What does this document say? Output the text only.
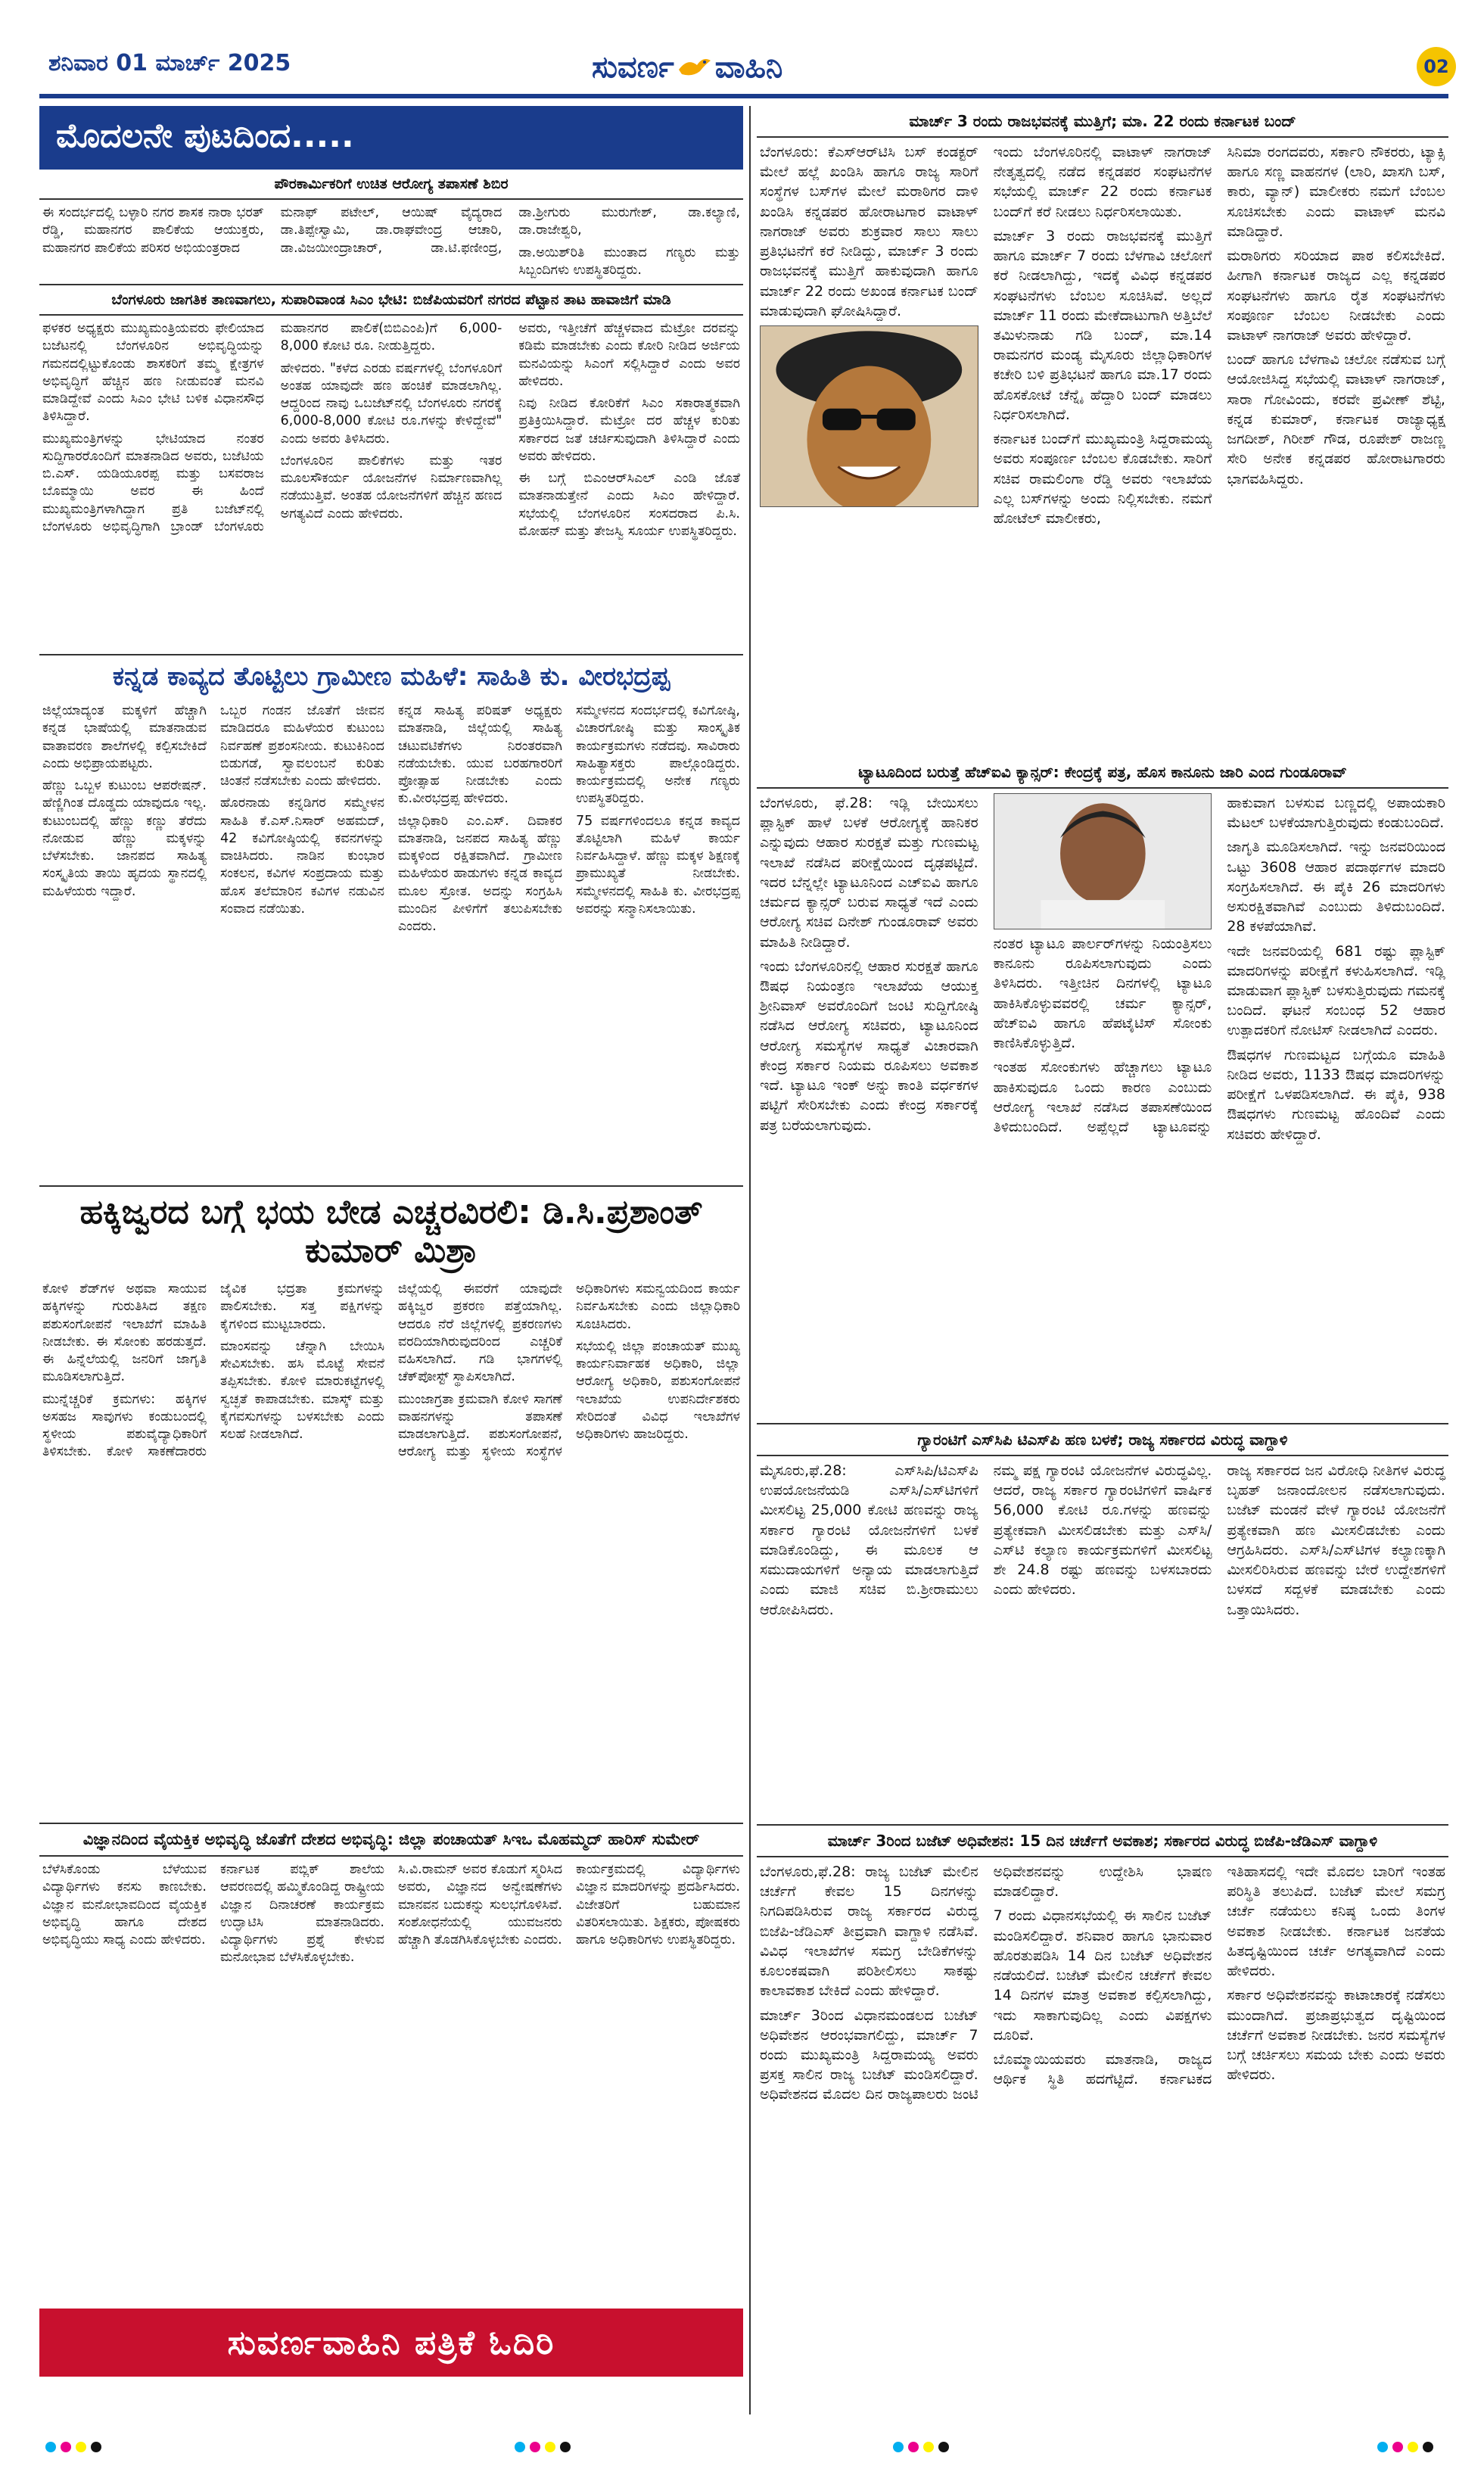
ಶನಿವಾರ 01 ಮಾರ್ಚ್ 2025	ಸುವರ್ಣ ವಾಹಿನಿ	02
ಮೊದಲನೇ ಪುಟದಿಂದ.....
ಪೌರಕಾರ್ಮಿಕರಿಗೆ ಉಚಿತ ಆರೋಗ್ಯ ತಪಾಸಣೆ ಶಿಬಿರ

ಈ ಸಂದರ್ಭದಲ್ಲಿ ಬಳ್ಳಾರಿ ನಗರ ಶಾಸಕ ನಾರಾ ಭರತ್ ರೆಡ್ಡಿ, ಮಹಾನಗರ ಪಾಲಿಕೆಯ ಆಯುಕ್ತರು, ಮಹಾನಗರ ಪಾಲಿಕೆಯ ಪರಿಸರ ಅಭಿಯಂತ್ರರಾದ

ಮನಾಫ್ ಪಟೇಲ್, ಆಯಿಷ್ ವೈದ್ಯರಾದ ಡಾ.ತಿಪ್ಪೇಸ್ವಾಮಿ, ಡಾ.ರಾಘವೇಂದ್ರ ಆಚಾರಿ, ಡಾ.ವಿಜಯೀಂದ್ರಾಚಾರ್, ಡಾ.ಟಿ.ಫಣೀಂದ್ರ, ಡಾ.ಶ್ರೀಗುರು ಮುರುಗೇಶ್, ಡಾ.ಕಲ್ಯಾಣಿ, ಡಾ.ರಾಜೇಶ್ವರಿ,

ಡಾ.ಅಯಿಶ್‌ರಿತಿ ಮುಂತಾದ ಗಣ್ಯರು ಮತ್ತು ಸಿಬ್ಬಂದಿಗಳು ಉಪಸ್ಥಿತರಿದ್ದರು.

ಬೆಂಗಳೂರು ಜಾಗತಿಕ ತಾಣವಾಗಲು, ಸುಪಾರಿವಾಂಡ ಸಿಎಂ ಭೇಟಿ: ಬಿಜೆಪಿಯವರಿಗೆ ನಗರದ ಪೆಟ್ಟಾನ ತಾಟ ಹಾವಾಜಿಗೆ ಮಾಡಿ

ಫಳಕರ ಅಧ್ಯಕ್ಷರು ಮುಖ್ಯಮಂತ್ರಿಯವರು ಫೇಲಿಯಾದ ಬಜೆಟನಲ್ಲಿ ಬೆಂಗಳೂರಿನ ಅಭಿವೃದ್ಧಿಯನ್ನು ಗಮನದಲ್ಲಿಟ್ಟುಕೊಂಡು ಶಾಸಕರಿಗೆ ತಮ್ಮ ಕ್ಷೇತ್ರಗಳ ಅಭಿವೃದ್ಧಿಗೆ ಹೆಚ್ಚಿನ ಹಣ ನೀಡುವಂತೆ ಮನವಿ ಮಾಡಿದ್ದೇವೆ ಎಂದು ಸಿಎಂ ಭೇಟಿ ಬಳಿಕ ವಿಧಾನಸೌಧ ತಿಳಿಸಿದ್ದಾರೆ.

ಮುಖ್ಯಮಂತ್ರಿಗಳನ್ನು ಭೇಟಿಯಾದ ನಂತರ ಸುದ್ದಿಗಾರರೊಂದಿಗೆ ಮಾತನಾಡಿದ ಅವರು, ಬಜೆಟಿಯ ಬಿ.ಎಸ್. ಯಡಿಯೂರಪ್ಪ ಮತ್ತು ಬಸವರಾಜ ಬೊಮ್ಮಾಯಿ ಅವರ ಈ ಹಿಂದೆ ಮುಖ್ಯಮಂತ್ರಿಗಳಾಗಿದ್ದಾಗ ಪ್ರತಿ ಬಜೆಟ್‌ನಲ್ಲಿ ಬೆಂಗಳೂರು ಅಭಿವೃದ್ಧಿಗಾಗಿ ಬ್ರಾಂಡ್ ಬೆಂಗಳೂರು ಮಹಾನಗರ ಪಾಲಿಕೆ(ಬಿಬಿಎಂಪಿ)ಗೆ 6,000-8,000 ಕೋಟಿ ರೂ. ನೀಡುತ್ತಿದ್ದರು.

ಹೇಳಿದರು. "ಕಳೆದ ಎರಡು ವರ್ಷಗಳಲ್ಲಿ ಬೆಂಗಳೂರಿಗೆ ಅಂತಹ ಯಾವುದೇ ಹಣ ಹಂಚಿಕೆ ಮಾಡಲಾಗಿಲ್ಲ. ಆದ್ದರಿಂದ ನಾವು ಒಬಜೆಟ್‌ನಲ್ಲಿ ಬೆಂಗಳೂರು ನಗರಕ್ಕೆ 6,000-8,000 ಕೋಟಿ ರೂ.ಗಳನ್ನು ಕೇಳಿದ್ದೇವೆ" ಎಂದು ಅವರು ತಿಳಿಸಿದರು.

ಬೆಂಗಳೂರಿನ ಪಾಲಿಕೆಗಳು ಮತ್ತು ಇತರ ಮೂಲಸೌಕರ್ಯ ಯೋಜನೆಗಳ ನಿರ್ಮಾಣವಾಗಿಲ್ಲ ನಡೆಯುತ್ತಿವೆ. ಅಂತಹ ಯೋಜನೆಗಳಿಗೆ ಹೆಚ್ಚಿನ ಹಣದ ಅಗತ್ಯವಿದೆ ಎಂದು ಹೇಳಿದರು.

ಅವರು, ಇತ್ತೀಚೆಗೆ ಹೆಚ್ಚಳವಾದ ಮೆಟ್ರೋ ದರವನ್ನು ಕಡಿಮೆ ಮಾಡಬೇಕು ಎಂದು ಕೋರಿ ನೀಡಿದ ಅರ್ಜಿಯ ಮನವಿಯನ್ನು ಸಿಎಂಗೆ ಸಲ್ಲಿಸಿದ್ದಾರೆ ಎಂದು ಅವರ ಹೇಳಿದರು.

ನಿವು ನೀಡಿದ ಕೋರಿಕೆಗೆ ಸಿಎಂ ಸಕಾರಾತ್ಮಕವಾಗಿ ಪ್ರತಿಕ್ರಿಯಿಸಿದ್ದಾರೆ. ಮೆಟ್ರೋ ದರ ಹೆಚ್ಚಳ ಕುರಿತು ಸರ್ಕಾರದ ಜತೆ ಚರ್ಚಿಸುವುದಾಗಿ ತಿಳಿಸಿದ್ದಾರೆ ಎಂದು ಅವರು ಹೇಳಿದರು.

ಈ ಬಗ್ಗೆ ಬಿಎಂಆರ್‌ಸಿಎಲ್ ಎಂಡಿ ಜೊತೆ ಮಾತನಾಡುತ್ತೇನೆ ಎಂದು ಸಿಎಂ ಹೇಳಿದ್ದಾರೆ. ಸಭೆಯಲ್ಲಿ ಬೆಂಗಳೂರಿನ ಸಂಸದರಾದ ಪಿ.ಸಿ. ಮೋಹನ್ ಮತ್ತು ತೇಜಸ್ವಿ ಸೂರ್ಯ ಉಪಸ್ಥಿತರಿದ್ದರು.

ಕನ್ನಡ ಕಾವ್ಯದ ತೊಟ್ಟಿಲು ಗ್ರಾಮೀಣ ಮಹಿಳೆ: ಸಾಹಿತಿ ಕು. ವೀರಭದ್ರಪ್ಪ

ಜಿಲ್ಲೆಯಾದ್ಯಂತ ಮಕ್ಕಳಿಗೆ ಹೆಚ್ಚಾಗಿ ಕನ್ನಡ ಭಾಷೆಯಲ್ಲಿ ಮಾತನಾಡುವ ವಾತಾವರಣ ಶಾಲೆಗಳಲ್ಲಿ ಕಲ್ಪಿಸಬೇಕಿದೆ ಎಂದು ಅಭಿಪ್ರಾಯಪಟ್ಟರು.

ಹೆಣ್ಣು ಒಬ್ಬಳ ಕುಟುಂಬ ಆಪರೇಷನ್. ಹೆಣ್ಣಿಗಿಂತ ದೊಡ್ಡದು ಯಾವುದೂ ಇಲ್ಲ. ಕುಟುಂಬದಲ್ಲಿ ಹೆಣ್ಣು ಕಣ್ಣು ತೆರೆದು ನೋಡುವ ಹೆಣ್ಣು ಮಕ್ಕಳನ್ನು ಬೆಳೆಸಬೇಕು. ಜಾನಪದ ಸಾಹಿತ್ಯ ಸಂಸ್ಕೃತಿಯ ತಾಯಿ ಹೃದಯ ಸ್ಥಾನದಲ್ಲಿ ಮಹಿಳೆಯರು ಇದ್ದಾರೆ.

ಒಬ್ಬರ ಗಂಡನ ಜೊತೆಗೆ ಜೀವನ ಮಾಡಿದರೂ ಮಹಿಳೆಯರ ಕುಟುಂಬ ನಿರ್ವಹಣೆ ಪ್ರಶಂಸನೀಯ. ಕುಟುಕಿನಿಂದ ಬಿಡುಗಡೆ, ಸ್ವಾವಲಂಬನೆ ಕುರಿತು ಚಿಂತನೆ ನಡೆಸಬೇಕು ಎಂದು ಹೇಳಿದರು.

ಹೊರನಾಡು ಕನ್ನಡಿಗರ ಸಮ್ಮೇಳನ ಸಾಹಿತಿ ಕೆ.ಎಸ್.ನಿಸಾರ್ ಅಹಮದ್, 42 ಕವಿಗೋಷ್ಠಿಯಲ್ಲಿ ಕವನಗಳನ್ನು ವಾಚಿಸಿದರು. ನಾಡಿನ ಕುಂಭಾರ ಸಂಕಲನ, ಕವಿಗಳ ಸಂಪ್ರದಾಯ ಮತ್ತು ಹೊಸ ತಲೆಮಾರಿನ ಕವಿಗಳ ನಡುವಿನ ಸಂವಾದ ನಡೆಯಿತು.

ಕನ್ನಡ ಸಾಹಿತ್ಯ ಪರಿಷತ್ ಅಧ್ಯಕ್ಷರು ಮಾತನಾಡಿ, ಜಿಲ್ಲೆಯಲ್ಲಿ ಸಾಹಿತ್ಯ ಚಟುವಟಿಕೆಗಳು ನಿರಂತರವಾಗಿ ನಡೆಯಬೇಕು. ಯುವ ಬರಹಗಾರರಿಗೆ ಪ್ರೋತ್ಸಾಹ ನೀಡಬೇಕು ಎಂದು ಕು.ವೀರಭದ್ರಪ್ಪ ಹೇಳಿದರು.

ಜಿಲ್ಲಾಧಿಕಾರಿ ಎಂ.ಎಸ್. ದಿವಾಕರ ಮಾತನಾಡಿ, ಜನಪದ ಸಾಹಿತ್ಯ ಹೆಣ್ಣು ಮಕ್ಕಳಿಂದ ರಕ್ಷಿತವಾಗಿದೆ. ಗ್ರಾಮೀಣ ಮಹಿಳೆಯರ ಹಾಡುಗಳು ಕನ್ನಡ ಕಾವ್ಯದ ಮೂಲ ಸ್ರೋತ. ಅದನ್ನು ಸಂಗ್ರಹಿಸಿ ಮುಂದಿನ ಪೀಳಿಗೆಗೆ ತಲುಪಿಸಬೇಕು ಎಂದರು.

ಸಮ್ಮೇಳನದ ಸಂದರ್ಭದಲ್ಲಿ ಕವಿಗೋಷ್ಠಿ, ವಿಚಾರಗೋಷ್ಠಿ ಮತ್ತು ಸಾಂಸ್ಕೃತಿಕ ಕಾರ್ಯಕ್ರಮಗಳು ನಡೆದವು. ಸಾವಿರಾರು ಸಾಹಿತ್ಯಾಸಕ್ತರು ಪಾಲ್ಗೊಂಡಿದ್ದರು. ಕಾರ್ಯಕ್ರಮದಲ್ಲಿ ಅನೇಕ ಗಣ್ಯರು ಉಪಸ್ಥಿತರಿದ್ದರು.

75 ವರ್ಷಗಳಿಂದಲೂ ಕನ್ನಡ ಕಾವ್ಯದ ತೊಟ್ಟಿಲಾಗಿ ಮಹಿಳೆ ಕಾರ್ಯ ನಿರ್ವಹಿಸಿದ್ದಾಳೆ. ಹೆಣ್ಣು ಮಕ್ಕಳ ಶಿಕ್ಷಣಕ್ಕೆ ಪ್ರಾಮುಖ್ಯತೆ ನೀಡಬೇಕು. ಸಮ್ಮೇಳನದಲ್ಲಿ ಸಾಹಿತಿ ಕು. ವೀರಭದ್ರಪ್ಪ ಅವರನ್ನು ಸನ್ಮಾನಿಸಲಾಯಿತು.

ಹಕ್ಕಿಜ್ವರದ ಬಗ್ಗೆ ಭಯ ಬೇಡ ಎಚ್ಚರವಿರಲಿ: ಡಿ.ಸಿ.ಪ್ರಶಾಂತ್ ಕುಮಾರ್ ಮಿಶ್ರಾ

ಕೋಳಿ ಶೆಡ್‌ಗಳ ಅಥವಾ ಸಾಯುವ ಹಕ್ಕಿಗಳನ್ನು ಗುರುತಿಸಿದ ತಕ್ಷಣ ಪಶುಸಂಗೋಪನೆ ಇಲಾಖೆಗೆ ಮಾಹಿತಿ ನೀಡಬೇಕು. ಈ ಸೋಂಕು ಹರಡುತ್ತದೆ. ಈ ಹಿನ್ನೆಲೆಯಲ್ಲಿ ಜನರಿಗೆ ಜಾಗೃತಿ ಮೂಡಿಸಲಾಗುತ್ತಿದೆ.

ಮುನ್ನೆಚ್ಚರಿಕೆ ಕ್ರಮಗಳು: ಹಕ್ಕಿಗಳ ಅಸಹಜ ಸಾವುಗಳು ಕಂಡುಬಂದಲ್ಲಿ ಸ್ಥಳೀಯ ಪಶುವೈದ್ಯಾಧಿಕಾರಿಗೆ ತಿಳಿಸಬೇಕು. ಕೋಳಿ ಸಾಕಣೆದಾರರು ಜೈವಿಕ ಭದ್ರತಾ ಕ್ರಮಗಳನ್ನು ಪಾಲಿಸಬೇಕು. ಸತ್ತ ಪಕ್ಷಿಗಳನ್ನು ಕೈಗಳಿಂದ ಮುಟ್ಟಬಾರದು.

ಮಾಂಸವನ್ನು ಚೆನ್ನಾಗಿ ಬೇಯಿಸಿ ಸೇವಿಸಬೇಕು. ಹಸಿ ಮೊಟ್ಟೆ ಸೇವನೆ ತಪ್ಪಿಸಬೇಕು. ಕೋಳಿ ಮಾರುಕಟ್ಟೆಗಳಲ್ಲಿ ಸ್ವಚ್ಛತೆ ಕಾಪಾಡಬೇಕು. ಮಾಸ್ಕ್ ಮತ್ತು ಕೈಗವಸುಗಳನ್ನು ಬಳಸಬೇಕು ಎಂದು ಸಲಹೆ ನೀಡಲಾಗಿದೆ.

ಜಿಲ್ಲೆಯಲ್ಲಿ ಈವರೆಗೆ ಯಾವುದೇ ಹಕ್ಕಿಜ್ವರ ಪ್ರಕರಣ ಪತ್ತೆಯಾಗಿಲ್ಲ. ಆದರೂ ನೆರೆ ಜಿಲ್ಲೆಗಳಲ್ಲಿ ಪ್ರಕರಣಗಳು ವರದಿಯಾಗಿರುವುದರಿಂದ ಎಚ್ಚರಿಕೆ ವಹಿಸಲಾಗಿದೆ. ಗಡಿ ಭಾಗಗಳಲ್ಲಿ ಚೆಕ್‌ಪೋಸ್ಟ್ ಸ್ಥಾಪಿಸಲಾಗಿದೆ.

ಮುಂಜಾಗ್ರತಾ ಕ್ರಮವಾಗಿ ಕೋಳಿ ಸಾಗಣೆ ವಾಹನಗಳನ್ನು ತಪಾಸಣೆ ಮಾಡಲಾಗುತ್ತಿದೆ. ಪಶುಸಂಗೋಪನೆ, ಆರೋಗ್ಯ ಮತ್ತು ಸ್ಥಳೀಯ ಸಂಸ್ಥೆಗಳ ಅಧಿಕಾರಿಗಳು ಸಮನ್ವಯದಿಂದ ಕಾರ್ಯ ನಿರ್ವಹಿಸಬೇಕು ಎಂದು ಜಿಲ್ಲಾಧಿಕಾರಿ ಸೂಚಿಸಿದರು.

ಸಭೆಯಲ್ಲಿ ಜಿಲ್ಲಾ ಪಂಚಾಯತ್ ಮುಖ್ಯ ಕಾರ್ಯನಿರ್ವಾಹಕ ಅಧಿಕಾರಿ, ಜಿಲ್ಲಾ ಆರೋಗ್ಯ ಅಧಿಕಾರಿ, ಪಶುಸಂಗೋಪನೆ ಇಲಾಖೆಯ ಉಪನಿರ್ದೇಶಕರು ಸೇರಿದಂತೆ ವಿವಿಧ ಇಲಾಖೆಗಳ ಅಧಿಕಾರಿಗಳು ಹಾಜರಿದ್ದರು.

ವಿಜ್ಞಾನದಿಂದ ವೈಯಕ್ತಿಕ ಅಭಿವೃದ್ಧಿ ಜೊತೆಗೆ ದೇಶದ ಅಭಿವೃದ್ಧಿ: ಜಿಲ್ಲಾ ಪಂಚಾಯತ್ ಸಿಇಒ ಮೊಹಮ್ಮದ್ ಹಾರಿಸ್ ಸುಮೇರ್

ಬೆಳೆಸಿಕೊಂಡು ಬೆಳೆಯುವ ವಿದ್ಯಾರ್ಥಿಗಳು ಕನಸು ಕಾಣಬೇಕು. ವಿಜ್ಞಾನ ಮನೋಭಾವದಿಂದ ವೈಯಕ್ತಿಕ ಅಭಿವೃದ್ಧಿ ಹಾಗೂ ದೇಶದ ಅಭಿವೃದ್ಧಿಯು ಸಾಧ್ಯ ಎಂದು ಹೇಳಿದರು.

ಕರ್ನಾಟಕ ಪಬ್ಲಿಕ್ ಶಾಲೆಯ ಆವರಣದಲ್ಲಿ ಹಮ್ಮಿಕೊಂಡಿದ್ದ ರಾಷ್ಟ್ರೀಯ ವಿಜ್ಞಾನ ದಿನಾಚರಣೆ ಕಾರ್ಯಕ್ರಮ ಉದ್ಘಾಟಿಸಿ ಮಾತನಾಡಿದರು. ವಿದ್ಯಾರ್ಥಿಗಳು ಪ್ರಶ್ನೆ ಕೇಳುವ ಮನೋಭಾವ ಬೆಳೆಸಿಕೊಳ್ಳಬೇಕು.

ಸಿ.ವಿ.ರಾಮನ್ ಅವರ ಕೊಡುಗೆ ಸ್ಮರಿಸಿದ ಅವರು, ವಿಜ್ಞಾನದ ಅನ್ವೇಷಣೆಗಳು ಮಾನವನ ಬದುಕನ್ನು ಸುಲಭಗೊಳಿಸಿವೆ. ಸಂಶೋಧನೆಯಲ್ಲಿ ಯುವಜನರು ಹೆಚ್ಚಾಗಿ ತೊಡಗಿಸಿಕೊಳ್ಳಬೇಕು ಎಂದರು.

ಕಾರ್ಯಕ್ರಮದಲ್ಲಿ ವಿದ್ಯಾರ್ಥಿಗಳು ವಿಜ್ಞಾನ ಮಾದರಿಗಳನ್ನು ಪ್ರದರ್ಶಿಸಿದರು. ವಿಜೇತರಿಗೆ ಬಹುಮಾನ ವಿತರಿಸಲಾಯಿತು. ಶಿಕ್ಷಕರು, ಪೋಷಕರು ಹಾಗೂ ಅಧಿಕಾರಿಗಳು ಉಪಸ್ಥಿತರಿದ್ದರು.

ಸುವರ್ಣವಾಹಿನಿ ಪತ್ರಿಕೆ ಓದಿರಿ
ಮಾರ್ಚ್ 3 ರಂದು ರಾಜಭವನಕ್ಕೆ ಮುತ್ತಿಗೆ; ಮಾ. 22 ರಂದು ಕರ್ನಾಟಕ ಬಂದ್

ಬೆಂಗಳೂರು: ಕೆಎಸ್‌ಆರ್‌ಟಿಸಿ ಬಸ್ ಕಂಡಕ್ಟರ್ ಮೇಲೆ ಹಲ್ಲೆ ಖಂಡಿಸಿ ಹಾಗೂ ರಾಜ್ಯ ಸಾರಿಗೆ ಸಂಸ್ಥೆಗಳ ಬಸ್‌ಗಳ ಮೇಲೆ ಮರಾಠಿಗರ ದಾಳಿ ಖಂಡಿಸಿ ಕನ್ನಡಪರ ಹೋರಾಟಗಾರ ವಾಟಾಳ್ ನಾಗರಾಜ್ ಅವರು ಶುಕ್ರವಾರ ಸಾಲು ಸಾಲು ಪ್ರತಿಭಟನೆಗೆ ಕರೆ ನೀಡಿದ್ದು, ಮಾರ್ಚ್ 3 ರಂದು ರಾಜಭವನಕ್ಕೆ ಮುತ್ತಿಗೆ ಹಾಕುವುದಾಗಿ ಹಾಗೂ ಮಾರ್ಚ್ 22 ರಂದು ಅಖಂಡ ಕರ್ನಾಟಕ ಬಂದ್ ಮಾಡುವುದಾಗಿ ಘೋಷಿಸಿದ್ದಾರೆ.

ಇಂದು ಬೆಂಗಳೂರಿನಲ್ಲಿ ವಾಟಾಳ್ ನಾಗರಾಜ್ ನೇತೃತ್ವದಲ್ಲಿ ನಡೆದ ಕನ್ನಡಪರ ಸಂಘಟನೆಗಳ ಸಭೆಯಲ್ಲಿ ಮಾರ್ಚ್ 22 ರಂದು ಕರ್ನಾಟಕ ಬಂದ್‌ಗೆ ಕರೆ ನೀಡಲು ನಿರ್ಧರಿಸಲಾಯಿತು.

ಮಾರ್ಚ್ 3 ರಂದು ರಾಜಭವನಕ್ಕೆ ಮುತ್ತಿಗೆ ಹಾಗೂ ಮಾರ್ಚ್ 7 ರಂದು ಬೆಳಗಾವಿ ಚಲೋಗೆ ಕರೆ ನೀಡಲಾಗಿದ್ದು, ಇದಕ್ಕೆ ವಿವಿಧ ಕನ್ನಡಪರ ಸಂಘಟನೆಗಳು ಬೆಂಬಲ ಸೂಚಿಸಿವೆ. ಅಲ್ಲದೆ ಮಾರ್ಚ್ 11 ರಂದು ಮೇಕೆದಾಟುಗಾಗಿ ಅತ್ತಿಬೆಲೆ ತಮಿಳುನಾಡು ಗಡಿ ಬಂದ್, ಮಾ.14 ರಾಮನಗರ ಮಂಡ್ಯ ಮೈಸೂರು ಜಿಲ್ಲಾಧಿಕಾರಿಗಳ ಕಚೇರಿ ಬಳಿ ಪ್ರತಿಭಟನೆ ಹಾಗೂ ಮಾ.17 ರಂದು ಹೊಸಕೋಟೆ ಚೆನ್ನೈ ಹೆದ್ದಾರಿ ಬಂದ್ ಮಾಡಲು ನಿರ್ಧರಿಸಲಾಗಿದೆ.

ಕರ್ನಾಟಕ ಬಂದ್‌ಗೆ ಮುಖ್ಯಮಂತ್ರಿ ಸಿದ್ದರಾಮಯ್ಯ ಅವರು ಸಂಪೂರ್ಣ ಬೆಂಬಲ ಕೊಡಬೇಕು. ಸಾರಿಗೆ ಸಚಿವ ರಾಮಲಿಂಗಾ ರೆಡ್ಡಿ ಅವರು ಇಲಾಖೆಯ ಎಲ್ಲ ಬಸ್‌ಗಳನ್ನು ಅಂದು ನಿಲ್ಲಿಸಬೇಕು. ನಮಗೆ ಹೋಟೆಲ್ ಮಾಲೀಕರು,

ಸಿನಿಮಾ ರಂಗದವರು, ಸರ್ಕಾರಿ ನೌಕರರು, ಟ್ಯಾಕ್ಸಿ ಹಾಗೂ ಸಣ್ಣ ವಾಹನಗಳ (ಲಾರಿ, ಖಾಸಗಿ ಬಸ್, ಕಾರು, ವ್ಯಾನ್) ಮಾಲೀಕರು ನಮಗೆ ಬೆಂಬಲ ಸೂಚಿಸಬೇಕು ಎಂದು ವಾಟಾಳ್ ಮನವಿ ಮಾಡಿದ್ದಾರೆ.

ಮರಾಠಿಗರು ಸರಿಯಾದ ಪಾಠ ಕಲಿಸಬೇಕಿದೆ. ಹೀಗಾಗಿ ಕರ್ನಾಟಕ ರಾಜ್ಯದ ಎಲ್ಲ ಕನ್ನಡಪರ ಸಂಘಟನೆಗಳು ಹಾಗೂ ರೈತ ಸಂಘಟನೆಗಳು ಸಂಪೂರ್ಣ ಬೆಂಬಲ ನೀಡಬೇಕು ಎಂದು ವಾಟಾಳ್ ನಾಗರಾಜ್ ಅವರು ಹೇಳಿದ್ದಾರೆ.

ಬಂದ್ ಹಾಗೂ ಬೆಳಗಾವಿ ಚಲೋ ನಡೆಸುವ ಬಗ್ಗೆ ಆಯೋಜಿಸಿದ್ದ ಸಭೆಯಲ್ಲಿ ವಾಟಾಳ್ ನಾಗರಾಜ್, ಸಾರಾ ಗೋವಿಂದು, ಕರವೇ ಪ್ರವೀಣ್ ಶೆಟ್ಟಿ, ಕನ್ನಡ ಕುಮಾರ್, ಕರ್ನಾಟಕ ರಾಜ್ಯಾಧ್ಯಕ್ಷ ಜಗದೀಶ್, ಗಿರೀಶ್ ಗೌಡ, ರೂಪೇಶ್ ರಾಜಣ್ಣ ಸೇರಿ ಅನೇಕ ಕನ್ನಡಪರ ಹೋರಾಟಗಾರರು ಭಾಗವಹಿಸಿದ್ದರು.

ಟ್ಯಾಟೂದಿಂದ ಬರುತ್ತೆ ಹೆಚ್‌ಐವಿ ಕ್ಯಾನ್ಸರ್: ಕೇಂದ್ರಕ್ಕೆ ಪತ್ರ, ಹೊಸ ಕಾನೂನು ಜಾರಿ ಎಂದ ಗುಂಡೂರಾವ್

ಬೆಂಗಳೂರು, ಫೆ.28: ಇಡ್ಲಿ ಬೇಯಿಸಲು ಪ್ಲಾಸ್ಟಿಕ್ ಹಾಳೆ ಬಳಕೆ ಆರೋಗ್ಯಕ್ಕೆ ಹಾನಿಕರ ಎನ್ನುವುದು ಆಹಾರ ಸುರಕ್ಷತೆ ಮತ್ತು ಗುಣಮಟ್ಟ ಇಲಾಖೆ ನಡೆಸಿದ ಪರೀಕ್ಷೆಯಿಂದ ದೃಢಪಟ್ಟಿದೆ. ಇದರ ಬೆನ್ನಲ್ಲೇ ಟ್ಯಾಟೂನಿಂದ ಎಚ್‌ಐವಿ ಹಾಗೂ ಚರ್ಮದ ಕ್ಯಾನ್ಸರ್ ಬರುವ ಸಾಧ್ಯತೆ ಇದೆ ಎಂದು ಆರೋಗ್ಯ ಸಚಿವ ದಿನೇಶ್ ಗುಂಡೂರಾವ್ ಅವರು ಮಾಹಿತಿ ನೀಡಿದ್ದಾರೆ.

ಇಂದು ಬೆಂಗಳೂರಿನಲ್ಲಿ ಆಹಾರ ಸುರಕ್ಷತೆ ಹಾಗೂ ಔಷಧ ನಿಯಂತ್ರಣ ಇಲಾಖೆಯ ಆಯುಕ್ತ ಶ್ರೀನಿವಾಸ್ ಅವರೊಂದಿಗೆ ಜಂಟಿ ಸುದ್ದಿಗೋಷ್ಠಿ ನಡೆಸಿದ ಆರೋಗ್ಯ ಸಚಿವರು, ಟ್ಯಾಟೂನಿಂದ ಆರೋಗ್ಯ ಸಮಸ್ಯೆಗಳ ಸಾಧ್ಯತೆ ವಿಚಾರವಾಗಿ ಕೇಂದ್ರ ಸರ್ಕಾರ ನಿಯಮ ರೂಪಿಸಲು ಅವಕಾಶ ಇದೆ. ಟ್ಯಾಟೂ ಇಂಕ್ ಅನ್ನು ಕಾಂತಿ ವರ್ಧಕಗಳ ಪಟ್ಟಿಗೆ ಸೇರಿಸಬೇಕು ಎಂದು ಕೇಂದ್ರ ಸರ್ಕಾರಕ್ಕೆ ಪತ್ರ ಬರೆಯಲಾಗುವುದು.

ನಂತರ ಟ್ಯಾಟೂ ಪಾರ್ಲರ್‌ಗಳನ್ನು ನಿಯಂತ್ರಿಸಲು ಕಾನೂನು ರೂಪಿಸಲಾಗುವುದು ಎಂದು ತಿಳಿಸಿದರು. ಇತ್ತೀಚಿನ ದಿನಗಳಲ್ಲಿ ಟ್ಯಾಟೂ ಹಾಕಿಸಿಕೊಳ್ಳುವವರಲ್ಲಿ ಚರ್ಮ ಕ್ಯಾನ್ಸರ್, ಹೆಚ್‌ಐವಿ ಹಾಗೂ ಹೆಪಟೈಟಿಸ್ ಸೋಂಕು ಕಾಣಿಸಿಕೊಳ್ಳುತ್ತಿದೆ.

ಇಂತಹ ಸೋಂಕುಗಳು ಹೆಚ್ಚಾಗಲು ಟ್ಯಾಟೂ ಹಾಕಿಸುವುದೂ ಒಂದು ಕಾರಣ ಎಂಬುದು ಆರೋಗ್ಯ ಇಲಾಖೆ ನಡೆಸಿದ ತಪಾಸಣೆಯಿಂದ ತಿಳಿದುಬಂದಿದೆ. ಅಪ್ಪೆಲ್ಲದೆ ಟ್ಯಾಟೂವನ್ನು ಹಾಕುವಾಗ ಬಳಸುವ ಬಣ್ಣದಲ್ಲಿ ಅಪಾಯಕಾರಿ ಮೆಟಲ್ ಬಳಕೆಯಾಗುತ್ತಿರುವುದು ಕಂಡುಬಂದಿದೆ.

ಜಾಗೃತಿ ಮೂಡಿಸಲಾಗಿದೆ. ಇನ್ನು ಜನವರಿಯಿಂದ ಒಟ್ಟು 3608 ಆಹಾರ ಪದಾರ್ಥಗಳ ಮಾದರಿ ಸಂಗ್ರಹಿಸಲಾಗಿದೆ. ಈ ಪೈಕಿ 26 ಮಾದರಿಗಳು ಅಸುರಕ್ಷಿತವಾಗಿವೆ ಎಂಬುದು ತಿಳಿದುಬಂದಿದೆ. 28 ಕಳಪೆಯಾಗಿವೆ.

ಇದೇ ಜನವರಿಯಲ್ಲಿ 681 ರಷ್ಟು ಪ್ಲಾಸ್ಟಿಕ್ ಮಾದರಿಗಳನ್ನು ಪರೀಕ್ಷೆಗೆ ಕಳುಹಿಸಲಾಗಿದೆ. ಇಡ್ಲಿ ಮಾಡುವಾಗ ಪ್ಲಾಸ್ಟಿಕ್ ಬಳಸುತ್ತಿರುವುದು ಗಮನಕ್ಕೆ ಬಂದಿದೆ. ಘಟನೆ ಸಂಬಂಧ 52 ಆಹಾರ ಉತ್ಪಾದಕರಿಗೆ ನೋಟಿಸ್ ನೀಡಲಾಗಿದೆ ಎಂದರು.

ಔಷಧಗಳ ಗುಣಮಟ್ಟದ ಬಗ್ಗೆಯೂ ಮಾಹಿತಿ ನೀಡಿದ ಅವರು, 1133 ಔಷಧ ಮಾದರಿಗಳನ್ನು ಪರೀಕ್ಷೆಗೆ ಒಳಪಡಿಸಲಾಗಿದೆ. ಈ ಪೈಕಿ, 938 ಔಷಧಗಳು ಗುಣಮಟ್ಟ ಹೊಂದಿವೆ ಎಂದು ಸಚಿವರು ಹೇಳಿದ್ದಾರೆ.

ಗ್ಯಾರಂಟಿಗೆ ಎಸ್‌ಸಿಪಿ ಟಿಎಸ್‌ಪಿ ಹಣ ಬಳಕೆ; ರಾಜ್ಯ ಸರ್ಕಾರದ ವಿರುದ್ಧ ವಾಗ್ದಾಳಿ

ಮೈಸೂರು,ಫೆ.28: ಎಸ್‌ಸಿಪಿ/ಟಿಎಸ್‌ಪಿ ಉಪಯೋಜನೆಯಡಿ ಎಸ್‌ಸಿ/ಎಸ್‌ಟಿಗಳಿಗೆ ಮೀಸಲಿಟ್ಟ 25,000 ಕೋಟಿ ಹಣವನ್ನು ರಾಜ್ಯ ಸರ್ಕಾರ ಗ್ಯಾರಂಟಿ ಯೋಜನೆಗಳಿಗೆ ಬಳಕೆ ಮಾಡಿಕೊಂಡಿದ್ದು, ಈ ಮೂಲಕ ಆ ಸಮುದಾಯಗಳಿಗೆ ಅನ್ಯಾಯ ಮಾಡಲಾಗುತ್ತಿದೆ ಎಂದು ಮಾಜಿ ಸಚಿವ ಬಿ.ಶ್ರೀರಾಮುಲು ಆರೋಪಿಸಿದರು.

ನಮ್ಮ ಪಕ್ಷ ಗ್ಯಾರಂಟಿ ಯೋಜನೆಗಳ ವಿರುದ್ಧವಿಲ್ಲ. ಆದರೆ, ರಾಜ್ಯ ಸರ್ಕಾರ ಗ್ಯಾರಂಟಿಗಳಿಗೆ ವಾರ್ಷಿಕ 56,000 ಕೋಟಿ ರೂ.ಗಳನ್ನು ಹಣವನ್ನು ಪ್ರತ್ಯೇಕವಾಗಿ ಮೀಸಲಿಡಬೇಕು ಮತ್ತು ಎಸ್‌ಸಿ/ಎಸ್‌ಟಿ ಕಲ್ಯಾಣ ಕಾರ್ಯಕ್ರಮಗಳಿಗೆ ಮೀಸಲಿಟ್ಟ ಶೇ 24.8 ರಷ್ಟು ಹಣವನ್ನು ಬಳಸಬಾರದು ಎಂದು ಹೇಳಿದರು.

ರಾಜ್ಯ ಸರ್ಕಾರದ ಜನ ವಿರೋಧಿ ನೀತಿಗಳ ವಿರುದ್ಧ ಬೃಹತ್ ಜನಾಂದೋಲನ ನಡೆಸಲಾಗುವುದು. ಬಜೆಟ್ ಮಂಡನೆ ವೇಳೆ ಗ್ಯಾರಂಟಿ ಯೋಜನೆಗೆ ಪ್ರತ್ಯೇಕವಾಗಿ ಹಣ ಮೀಸಲಿಡಬೇಕು ಎಂದು ಆಗ್ರಹಿಸಿದರು. ಎಸ್‌ಸಿ/ಎಸ್‌ಟಿಗಳ ಕಲ್ಯಾಣಕ್ಕಾಗಿ ಮೀಸಲಿರಿಸಿರುವ ಹಣವನ್ನು ಬೇರೆ ಉದ್ದೇಶಗಳಿಗೆ ಬಳಸದೆ ಸದ್ಬಳಕೆ ಮಾಡಬೇಕು ಎಂದು ಒತ್ತಾಯಿಸಿದರು.

ಮಾರ್ಚ್ 3ರಿಂದ ಬಜೆಟ್ ಅಧಿವೇಶನ: 15 ದಿನ ಚರ್ಚೆಗೆ ಅವಕಾಶ; ಸರ್ಕಾರದ ವಿರುದ್ಧ ಬಿಜೆಪಿ-ಜೆಡಿಎಸ್ ವಾಗ್ದಾಳಿ

ಬೆಂಗಳೂರು,ಫೆ.28: ರಾಜ್ಯ ಬಜೆಟ್ ಮೇಲಿನ ಚರ್ಚೆಗೆ ಕೇವಲ 15 ದಿನಗಳನ್ನು ನಿಗದಿಪಡಿಸಿರುವ ರಾಜ್ಯ ಸರ್ಕಾರದ ವಿರುದ್ಧ ಬಿಜೆಪಿ-ಜೆಡಿಎಸ್ ತೀವ್ರವಾಗಿ ವಾಗ್ದಾಳಿ ನಡೆಸಿವೆ. ವಿವಿಧ ಇಲಾಖೆಗಳ ಸಮಗ್ರ ಬೇಡಿಕೆಗಳನ್ನು ಕೂಲಂಕಷವಾಗಿ ಪರಿಶೀಲಿಸಲು ಸಾಕಷ್ಟು ಕಾಲಾವಕಾಶ ಬೇಕಿದೆ ಎಂದು ಹೇಳಿದ್ದಾರೆ.

ಮಾರ್ಚ್ 3ರಿಂದ ವಿಧಾನಮಂಡಲದ ಬಜೆಟ್ ಅಧಿವೇಶನ ಆರಂಭವಾಗಲಿದ್ದು, ಮಾರ್ಚ್ 7 ರಂದು ಮುಖ್ಯಮಂತ್ರಿ ಸಿದ್ದರಾಮಯ್ಯ ಅವರು ಪ್ರಸಕ್ತ ಸಾಲಿನ ರಾಜ್ಯ ಬಜೆಟ್ ಮಂಡಿಸಲಿದ್ದಾರೆ. ಅಧಿವೇಶನದ ಮೊದಲ ದಿನ ರಾಜ್ಯಪಾಲರು ಜಂಟಿ ಅಧಿವೇಶನವನ್ನು ಉದ್ದೇಶಿಸಿ ಭಾಷಣ ಮಾಡಲಿದ್ದಾರೆ.

7 ರಂದು ವಿಧಾನಸಭೆಯಲ್ಲಿ ಈ ಸಾಲಿನ ಬಜೆಟ್ ಮಂಡಿಸಲಿದ್ದಾರೆ. ಶನಿವಾರ ಹಾಗೂ ಭಾನುವಾರ ಹೊರತುಪಡಿಸಿ 14 ದಿನ ಬಜೆಟ್ ಅಧಿವೇಶನ ನಡೆಯಲಿದೆ. ಬಜೆಟ್ ಮೇಲಿನ ಚರ್ಚೆಗೆ ಕೇವಲ 14 ದಿನಗಳ ಮಾತ್ರ ಅವಕಾಶ ಕಲ್ಪಿಸಲಾಗಿದ್ದು, ಇದು ಸಾಕಾಗುವುದಿಲ್ಲ ಎಂದು ವಿಪಕ್ಷಗಳು ದೂರಿವೆ.

ಬೊಮ್ಮಾಯಿಯವರು ಮಾತನಾಡಿ, ರಾಜ್ಯದ ಆರ್ಥಿಕ ಸ್ಥಿತಿ ಹದಗೆಟ್ಟಿದೆ. ಕರ್ನಾಟಕದ ಇತಿಹಾಸದಲ್ಲಿ ಇದೇ ಮೊದಲ ಬಾರಿಗೆ ಇಂತಹ ಪರಿಸ್ಥಿತಿ ತಲುಪಿದೆ. ಬಜೆಟ್ ಮೇಲೆ ಸಮಗ್ರ ಚರ್ಚೆ ನಡೆಯಲು ಕನಿಷ್ಠ ಒಂದು ತಿಂಗಳ ಅವಕಾಶ ನೀಡಬೇಕು. ಕರ್ನಾಟಕ ಜನತೆಯ ಹಿತದೃಷ್ಟಿಯಿಂದ ಚರ್ಚೆ ಅಗತ್ಯವಾಗಿದೆ ಎಂದು ಹೇಳಿದರು.

ಸರ್ಕಾರ ಅಧಿವೇಶನವನ್ನು ಕಾಟಾಚಾರಕ್ಕೆ ನಡೆಸಲು ಮುಂದಾಗಿದೆ. ಪ್ರಜಾಪ್ರಭುತ್ವದ ದೃಷ್ಟಿಯಿಂದ ಚರ್ಚೆಗೆ ಅವಕಾಶ ನೀಡಬೇಕು. ಜನರ ಸಮಸ್ಯೆಗಳ ಬಗ್ಗೆ ಚರ್ಚಿಸಲು ಸಮಯ ಬೇಕು ಎಂದು ಅವರು ಹೇಳಿದರು.
